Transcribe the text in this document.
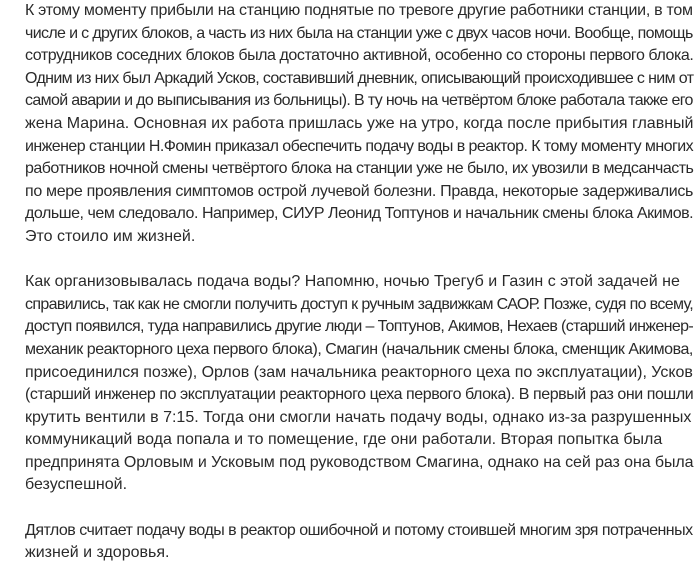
К этому моменту прибыли на станцию поднятые по тревоге другие работники станции, в том
числе и с других блоков, а часть из них была на станции уже с двух часов ночи. Вообще, помощь
сотрудников соседних блоков была достаточно активной, особенно со стороны первого блока.
Одним из них был Аркадий Усков, составивший дневник, описывающий происходившее с ним от
самой аварии и до выписывания из больницы). В ту ночь на четвёртом блоке работала также его
жена Марина. Основная их работа пришлась уже на утро, когда после прибытия главный
инженер станции Н.Фомин приказал обеспечить подачу воды в реактор. К тому моменту многих
работников ночной смены четвёртого блока на станции уже не было, их увозили в медсанчасть
по мере проявления симптомов острой лучевой болезни. Правда, некоторые задерживались
дольше, чем следовало. Например, СИУР Леонид Топтунов и начальник смены блока Акимов.
Это стоило им жизней.

Как организовывалась подача воды? Напомню, ночью Трегуб и Газин с этой задачей не
справились, так как не смогли получить доступ к ручным задвижкам САОР. Позже, судя по всему,
доступ появился, туда направились другие люди – Топтунов, Акимов, Нехаев (старший инженер-
механик реакторного цеха первого блока), Смагин (начальник смены блока, сменщик Акимова,
присоединился позже), Орлов (зам начальника реакторного цеха по эксплуатации), Усков
(старший инженер по эксплуатации реакторного цеха первого блока). В первый раз они пошли
крутить вентили в 7:15. Тогда они смогли начать подачу воды, однако из-за разрушенных
коммуникаций вода попала и то помещение, где они работали. Вторая попытка была
предпринята Орловым и Усковым под руководством Смагина, однако на сей раз она была
безуспешной.

Дятлов считает подачу воды в реактор ошибочной и потому стоившей многим зря потраченных
жизней и здоровья.
